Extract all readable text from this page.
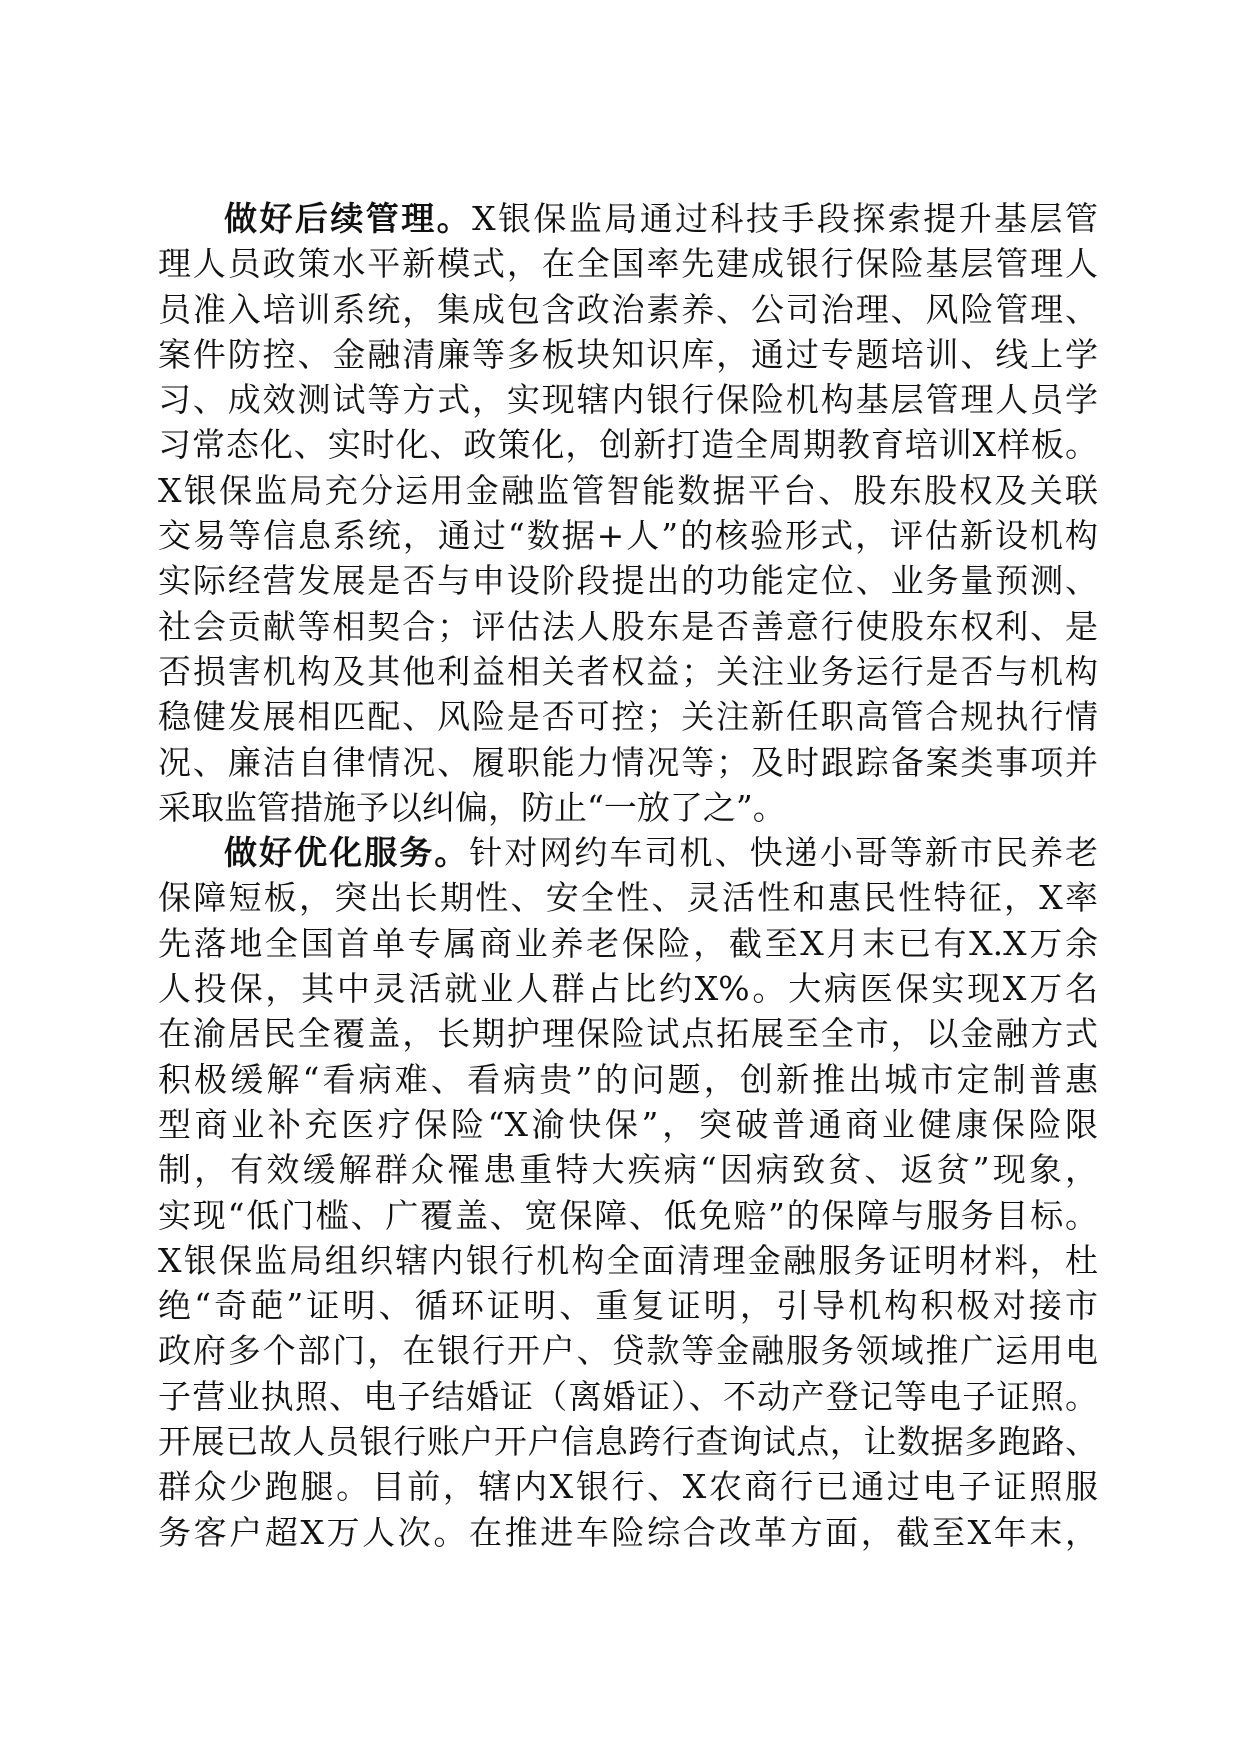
做好后续管理。X银保监局通过科技手段探索提升基层管
理人员政策水平新模式，在全国率先建成银行保险基层管理人
员准入培训系统，集成包含政治素养、公司治理、风险管理、
案件防控、金融清廉等多板块知识库，通过专题培训、线上学
习、成效测试等方式，实现辖内银行保险机构基层管理人员学
习常态化、实时化、政策化，创新打造全周期教育培训X样板。
X银保监局充分运用金融监管智能数据平台、股东股权及关联
交易等信息系统，通过“数据+人”的核验形式，评估新设机构
实际经营发展是否与申设阶段提出的功能定位、业务量预测、
社会贡献等相契合；评估法人股东是否善意行使股东权利、是
否损害机构及其他利益相关者权益；关注业务运行是否与机构
稳健发展相匹配、风险是否可控；关注新任职高管合规执行情
况、廉洁自律情况、履职能力情况等；及时跟踪备案类事项并
采取监管措施予以纠偏，防止“一放了之”。
做好优化服务。针对网约车司机、快递小哥等新市民养老
保障短板，突出长期性、安全性、灵活性和惠民性特征，X率
先落地全国首单专属商业养老保险，截至X月末已有X.X万余
人投保，其中灵活就业人群占比约X%。大病医保实现X万名
在渝居民全覆盖，长期护理保险试点拓展至全市，以金融方式
积极缓解“看病难、看病贵”的问题，创新推出城市定制普惠
型商业补充医疗保险“X渝快保”，突破普通商业健康保险限
制，有效缓解群众罹患重特大疾病“因病致贫、返贫”现象，
实现“低门槛、广覆盖、宽保障、低免赔”的保障与服务目标。
X银保监局组织辖内银行机构全面清理金融服务证明材料，杜
绝“奇葩”证明、循环证明、重复证明，引导机构积极对接市
政府多个部门，在银行开户、贷款等金融服务领域推广运用电
子营业执照、电子结婚证（离婚证）、不动产登记等电子证照。
开展已故人员银行账户开户信息跨行查询试点，让数据多跑路、
群众少跑腿。目前，辖内X银行、X农商行已通过电子证照服
务客户超X万人次。在推进车险综合改革方面，截至X年末，
